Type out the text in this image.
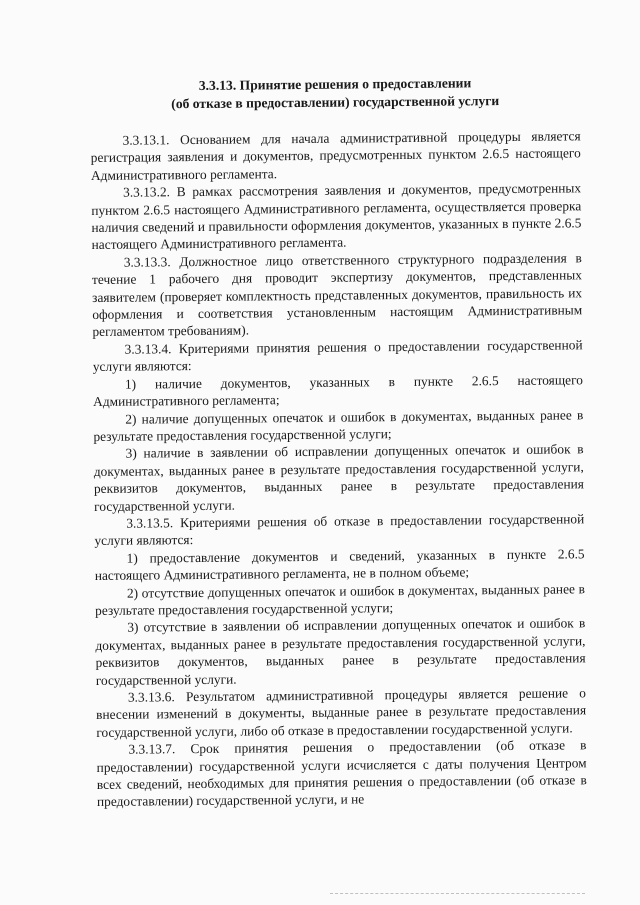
3.3.13. Принятие решения о предоставлении
(об отказе в предоставлении) государственной услуги

3.3.13.1. Основанием для начала административной процедуры является регистрация заявления и документов, предусмотренных пунктом 2.6.5 настоящего Административного регламента.

3.3.13.2. В рамках рассмотрения заявления и документов, предусмотренных пунктом 2.6.5 настоящего Административного регламента, осуществляется проверка наличия сведений и правильности оформления документов, указанных в пункте 2.6.5 настоящего Административного регламента.

3.3.13.3. Должностное лицо ответственного структурного подразделения в течение 1 рабочего дня проводит экспертизу документов, представленных заявителем (проверяет комплектность представленных документов, правильность их оформления и соответствия установленным настоящим Административным регламентом требованиям).

3.3.13.4. Критериями принятия решения о предоставлении государственной услуги являются:

1) наличие документов, указанных в пункте 2.6.5 настоящего Административного регламента;

2) наличие допущенных опечаток и ошибок в документах, выданных ранее в результате предоставления государственной услуги;

3) наличие в заявлении об исправлении допущенных опечаток и ошибок в документах, выданных ранее в результате предоставления государственной услуги, реквизитов документов, выданных ранее в результате предоставления государственной услуги.

3.3.13.5. Критериями решения об отказе в предоставлении государственной услуги являются:

1) предоставление документов и сведений, указанных в пункте 2.6.5 настоящего Административного регламента, не в полном объеме;

2) отсутствие допущенных опечаток и ошибок в документах, выданных ранее в результате предоставления государственной услуги;

3) отсутствие в заявлении об исправлении допущенных опечаток и ошибок в документах, выданных ранее в результате предоставления государственной услуги, реквизитов документов, выданных ранее в результате предоставления государственной услуги.

3.3.13.6. Результатом административной процедуры является решение о внесении изменений в документы, выданные ранее в результате предоставления государственной услуги, либо об отказе в предоставлении государственной услуги.

3.3.13.7. Срок принятия решения о предоставлении (об отказе в предоставлении) государственной услуги исчисляется с даты получения Центром всех сведений, необходимых для принятия решения о предоставлении (об отказе в предоставлении) государственной услуги, и не
